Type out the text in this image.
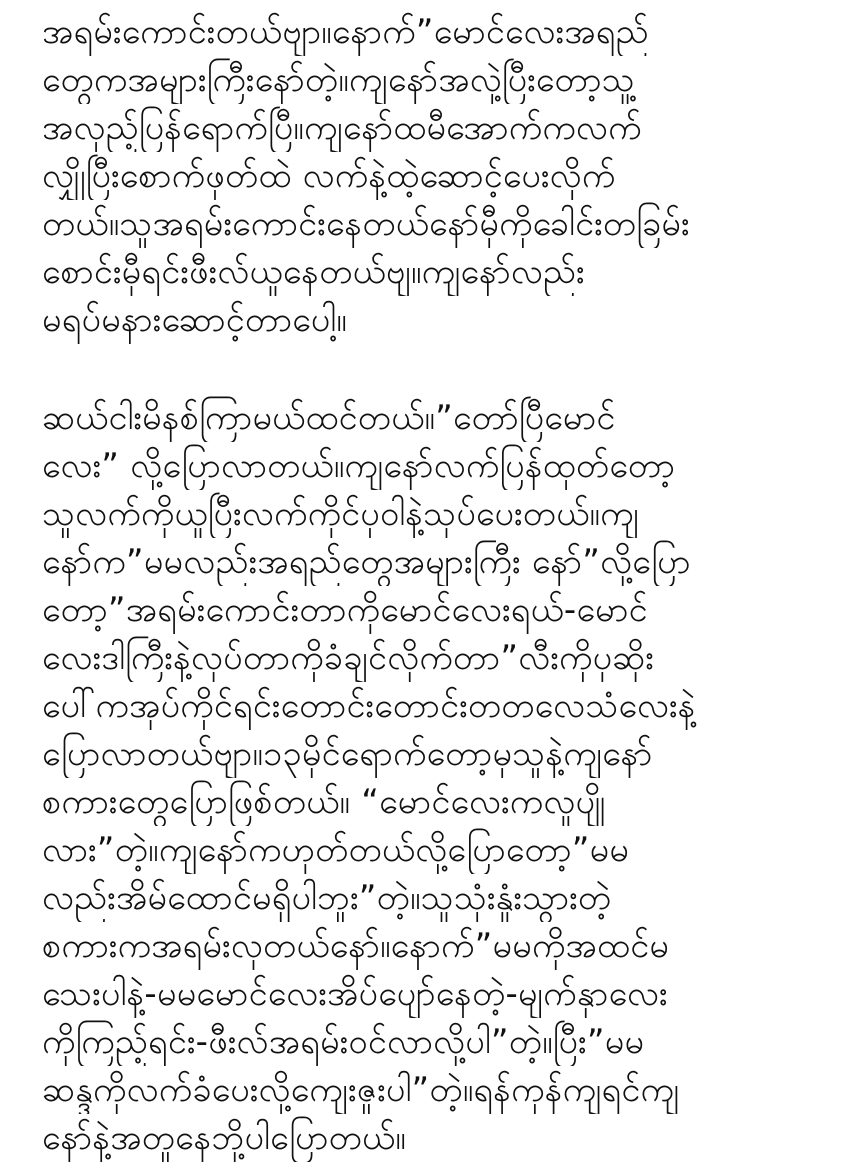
အရမ်းကောင်းတယ်ဗျာ။နောက်”မောင်လေးအရည်
တွေကအများကြီးနော်တဲ့။ကျနော်အလှဲ့ပြီးတော့သူ့
အလှည့်ပြန်ရောက်ပြီ။ကျနော်ထမီအောက်ကလက်
လျှိုပြီးစောက်ဖုတ်ထဲ လက်နဲ့ထဲ့ဆောင့်ပေးလိုက်
တယ်။သူအရမ်းကောင်းနေတယ်နော်မှီကိုခေါင်းတခြမ်း
စောင်းမှီရင်းဖီးလ်ယူနေတယ်ဗျ။ကျနော်လည်း
မရပ်မနားဆောင့်တာပေါ့။
ဆယ်ငါးမိနစ်ကြာမယ်ထင်တယ်။”တော်ပြီမောင်
လေး” လို့ပြောလာတယ်။ကျနော်လက်ပြန်ထုတ်တော့
သူလက်ကိုယူပြီးလက်ကိုင်ပုဝါနဲ့သုပ်ပေးတယ်။ကျ
နော်က”မမလည်းအရည်တွေအများကြီး နော်”လို့ပြော
တော့”အရမ်းကောင်းတာကိုမောင်လေးရယ်-မောင်
လေးဒါကြီးနဲ့လုပ်တာကိုခံချင်လိုက်တာ”လီးကိုပုဆိုး
ပေါ်ကအုပ်ကိုင်ရင်းတောင်းတောင်းတတလေသံလေးနဲ့
ပြောလာတယ်ဗျာ။၁၃မိုင်ရောက်တော့မှသူနဲ့ကျနော်
စကားတွေပြောဖြစ်တယ်။ “မောင်လေးကလူပျို
လား”တဲ့။ကျနော်ကဟုတ်တယ်လို့ပြောတော့”မမ
လည်းအိမ်ထောင်မရှိပါဘူး”တဲ့။သူသုံးနှုံးသွားတဲ့
စကားကအရမ်းလှတယ်နော်။နောက်”မမကိုအထင်မ
သေးပါနဲ့-မမမောင်လေးအိပ်ပျော်နေတဲ့-မျက်နှာလေး
ကိုကြည့်ရင်း-ဖီးလ်အရမ်းဝင်လာလို့ပါ”တဲ့။ပြီး”မမ
ဆန္ဒကိုလက်ခံပေးလို့ကျေးဇူးပါ”တဲ့။ရန်ကုန်ကျရင်ကျ
နော်နဲ့အတူနေဘို့ပါပြောတယ်။
